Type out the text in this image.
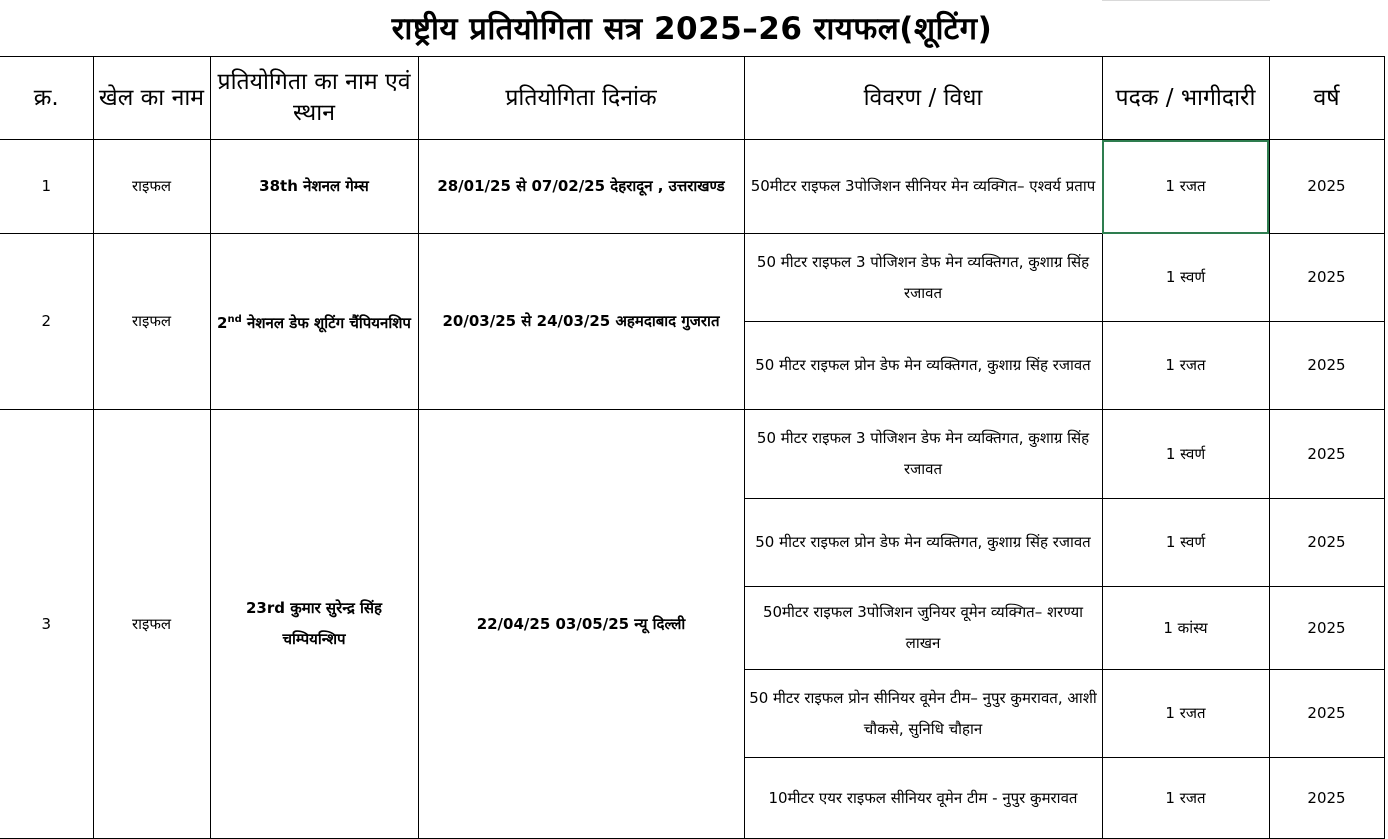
राष्ट्रीय प्रतियोगिता सत्र 2025–26 रायफल(शूटिंग)
क्र.	खेल का नाम	प्रतियोगिता का नाम एवं स्थान	प्रतियोगिता दिनांक	विवरण / विधा	पदक / भागीदारी	वर्ष
1	राइफल	38th नेशनल गेम्स	28/01/25 से 07/02/25 देहरादून , उत्तराखण्ड	50मीटर राइफल 3पोजिशन सीनियर मेन व्यक्गित– एश्वर्य प्रताप	1 रजत	2025
2	राइफल	2nd नेशनल डेफ शूटिंग चैंपियनशिप	20/03/25 से 24/03/25 अहमदाबाद गुजरात	50 मीटर राइफल 3 पोजिशन डेफ मेन व्यक्तिगत, कुशाग्र सिंह रजावत	1 स्वर्ण	2025
				50 मीटर राइफल प्रोन डेफ मेन व्यक्तिगत, कुशाग्र सिंह रजावत	1 रजत	2025
3	राइफल	23rd कुमार सुरेन्द्र सिंह चम्पियन्शिप	22/04/25 03/05/25 न्यू दिल्ली	50 मीटर राइफल 3 पोजिशन डेफ मेन व्यक्तिगत, कुशाग्र सिंह रजावत	1 स्वर्ण	2025
				50 मीटर राइफल प्रोन डेफ मेन व्यक्तिगत, कुशाग्र सिंह रजावत	1 स्वर्ण	2025
				50मीटर राइफल 3पोजिशन जुनियर वूमेन व्यक्गित– शरण्या लाखन	1 कांस्य	2025
				50 मीटर राइफल प्रोन सीनियर वूमेन टीम– नुपुर कुमरावत, आशी चौकसे, सुनिधि चौहान	1 रजत	2025
				10मीटर एयर राइफल सीनियर वूमेन टीम - नुपुर कुमरावत	1 रजत	2025
